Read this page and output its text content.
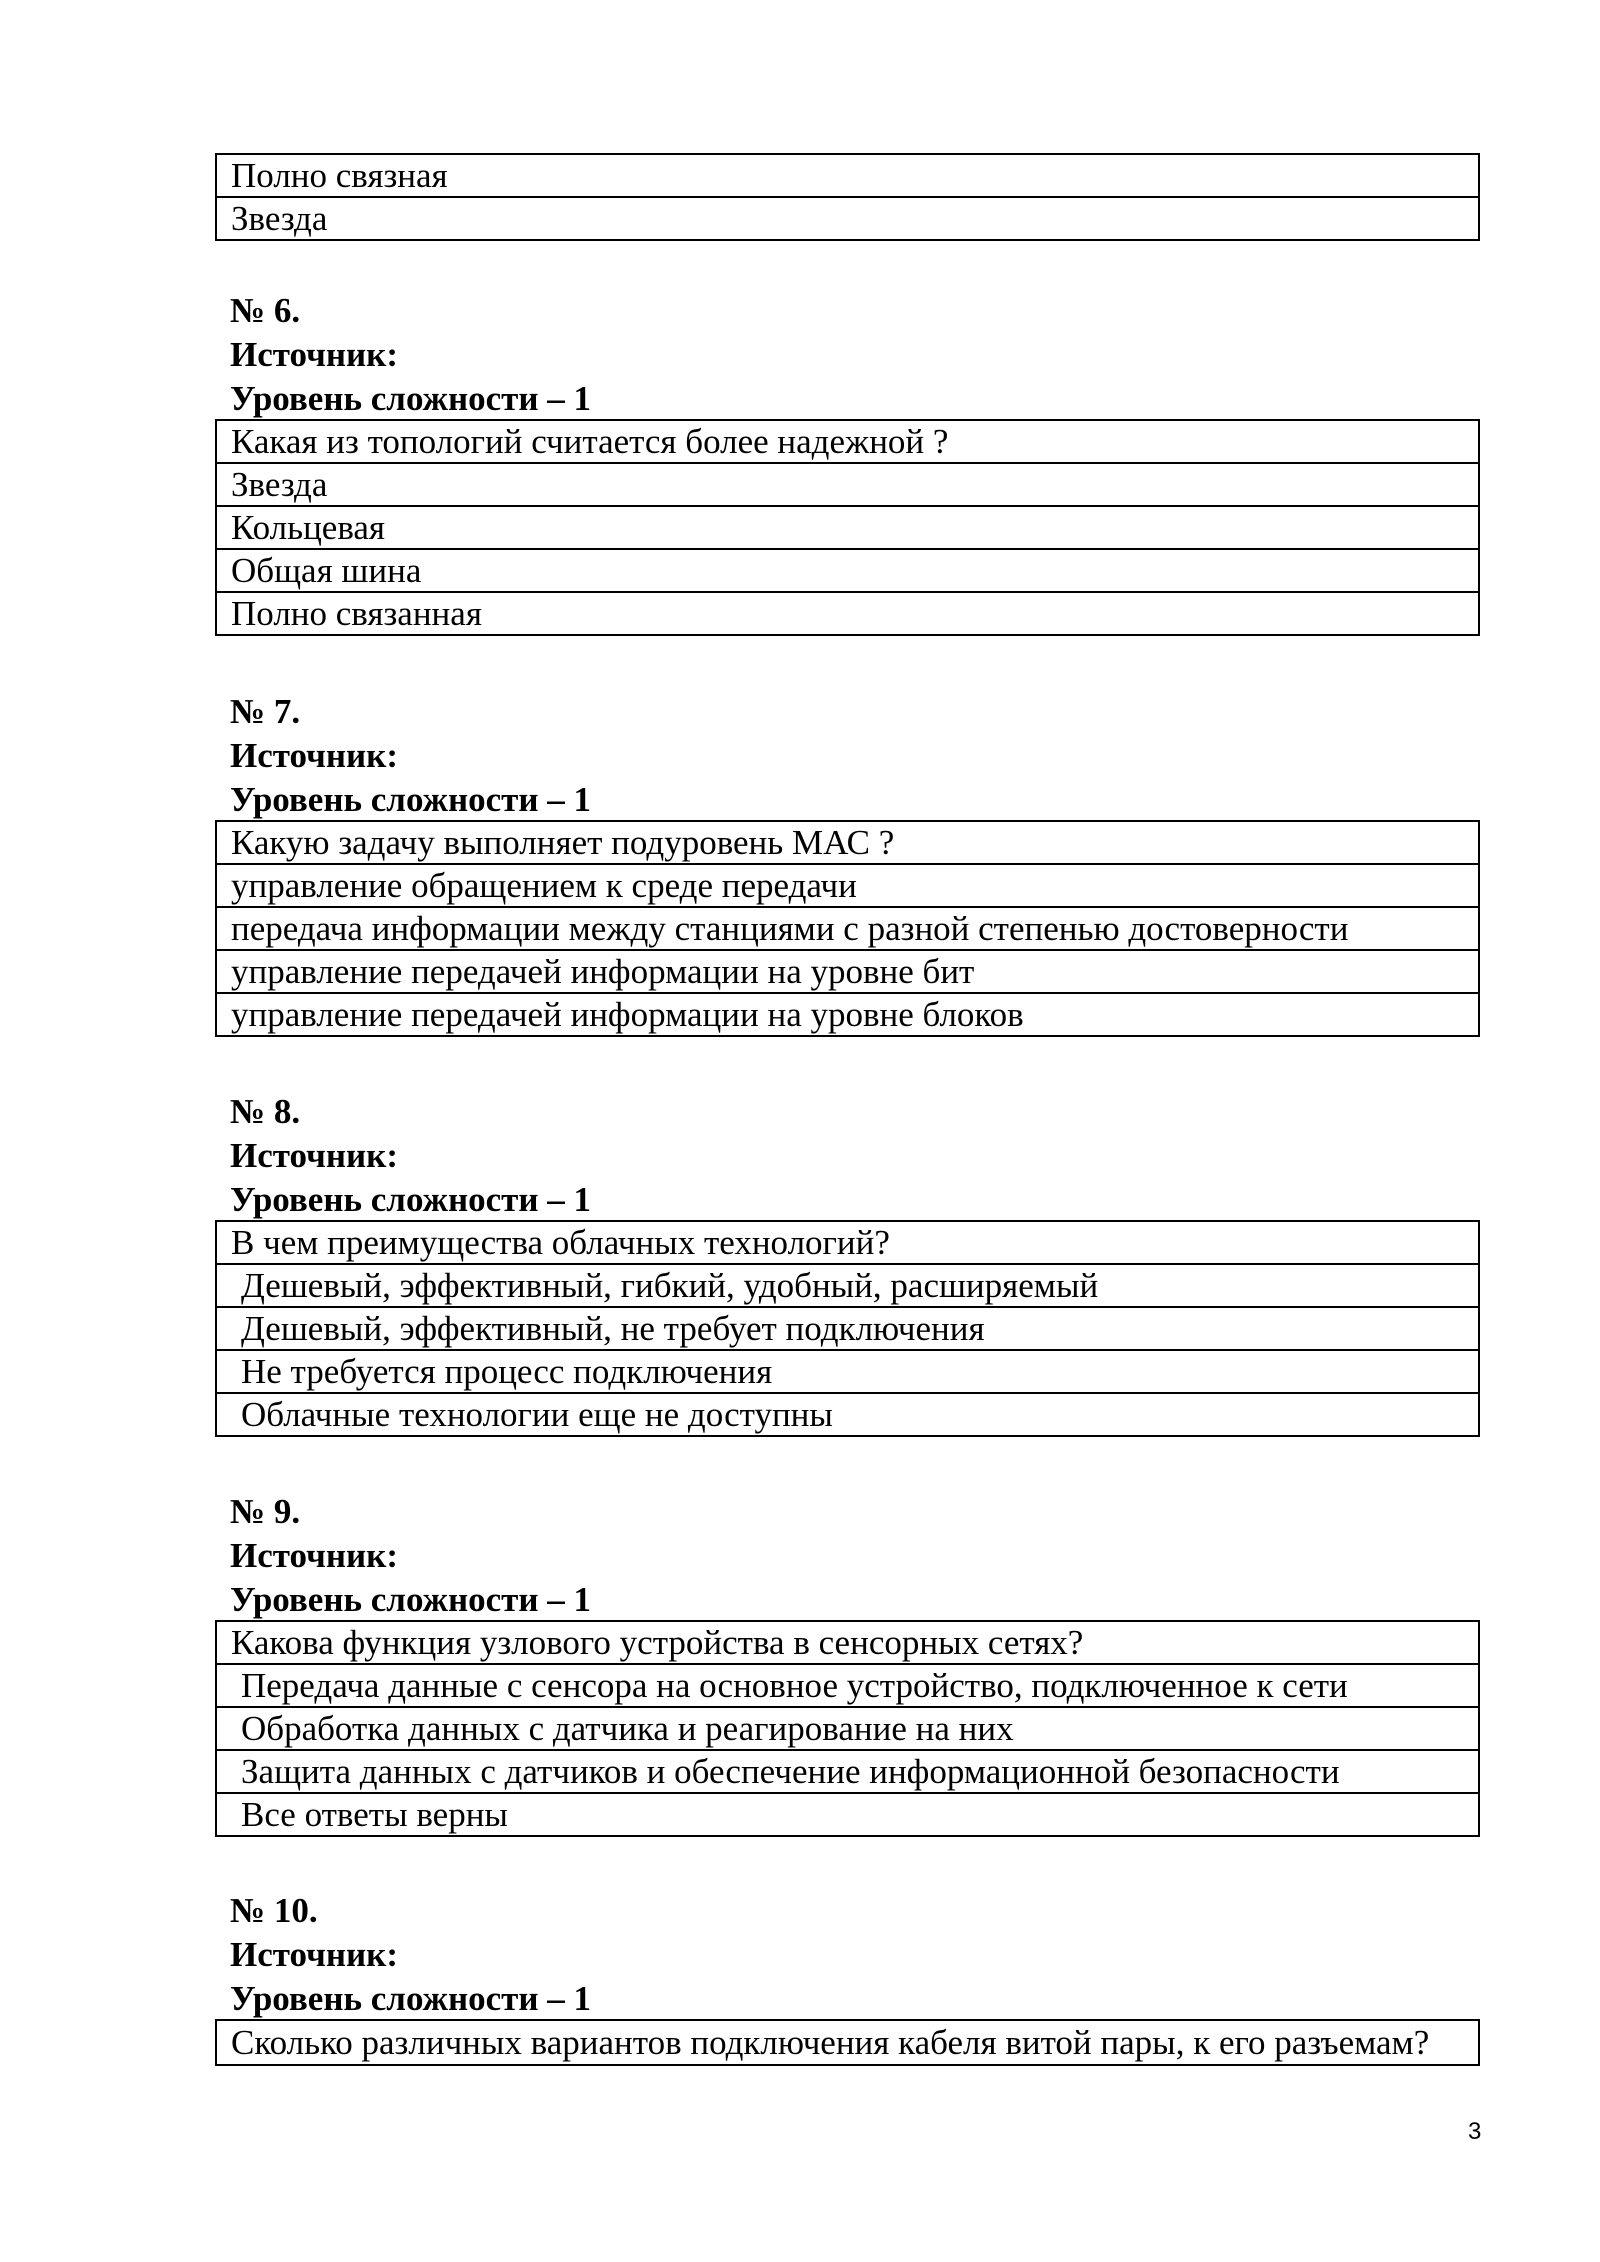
Полно связная
Звезда
№ 6.
Источник:
Уровень сложности – 1
Какая из топологий считается более надежной ?
Звезда
Кольцевая
Общая шина
Полно связанная
№ 7.
Источник:
Уровень сложности – 1
Какую задачу выполняет подуровень МАС ?
управление обращением к среде передачи
передача информации между станциями с разной степенью достоверности
управление передачей информации на уровне бит
управление передачей информации на уровне блоков
№ 8.
Источник:
Уровень сложности – 1
В чем преимущества облачных технологий?
Дешевый, эффективный, гибкий, удобный, расширяемый
Дешевый, эффективный, не требует подключения
Не требуется процесс подключения
Облачные технологии еще не доступны
№ 9.
Источник:
Уровень сложности – 1
Какова функция узлового устройства в сенсорных сетях?
Передача данные с сенсора на основное устройство, подключенное к сети
Обработка данных с датчика и реагирование на них
Защита данных с датчиков и обеспечение информационной безопасности
Все ответы верны
№ 10.
Источник:
Уровень сложности – 1
Сколько различных вариантов подключения кабеля витой пары, к его разъемам?
3
